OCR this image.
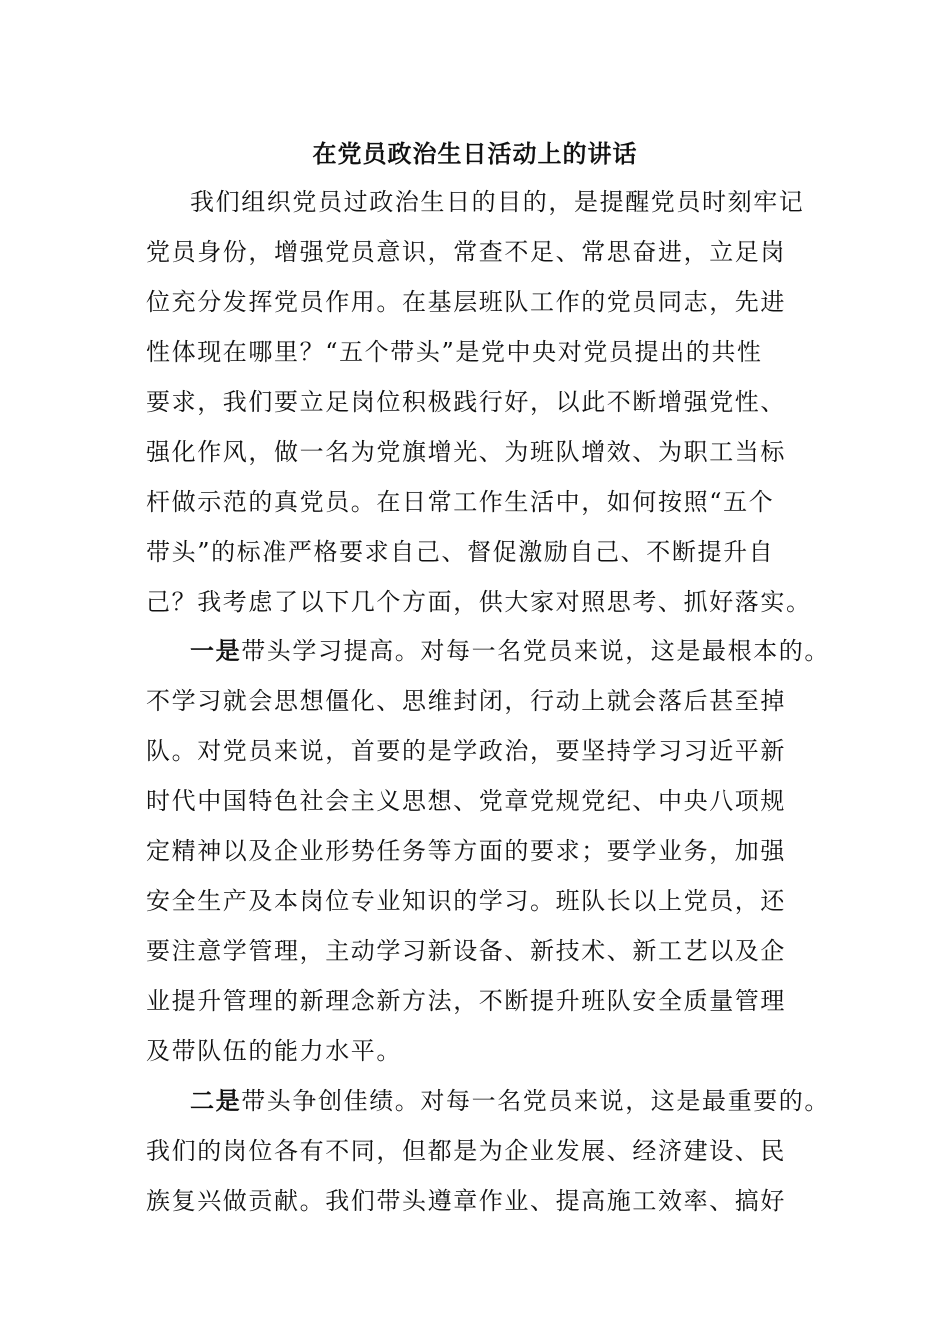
在党员政治生日活动上的讲话
我们组织党员过政治生日的目的，是提醒党员时刻牢记
党员身份，增强党员意识，常查不足、常思奋进，立足岗
位充分发挥党员作用。在基层班队工作的党员同志，先进
性体现在哪里？“五个带头”是党中央对党员提出的共性
要求，我们要立足岗位积极践行好，以此不断增强党性、
强化作风，做一名为党旗增光、为班队增效、为职工当标
杆做示范的真党员。在日常工作生活中，如何按照“五个
带头”的标准严格要求自己、督促激励自己、不断提升自
己？我考虑了以下几个方面，供大家对照思考、抓好落实。
一是带头学习提高。对每一名党员来说，这是最根本的。
不学习就会思想僵化、思维封闭，行动上就会落后甚至掉
队。对党员来说，首要的是学政治，要坚持学习习近平新
时代中国特色社会主义思想、党章党规党纪、中央八项规
定精神以及企业形势任务等方面的要求；要学业务，加强
安全生产及本岗位专业知识的学习。班队长以上党员，还
要注意学管理，主动学习新设备、新技术、新工艺以及企
业提升管理的新理念新方法，不断提升班队安全质量管理
及带队伍的能力水平。
二是带头争创佳绩。对每一名党员来说，这是最重要的。
我们的岗位各有不同，但都是为企业发展、经济建设、民
族复兴做贡献。我们带头遵章作业、提高施工效率、搞好
